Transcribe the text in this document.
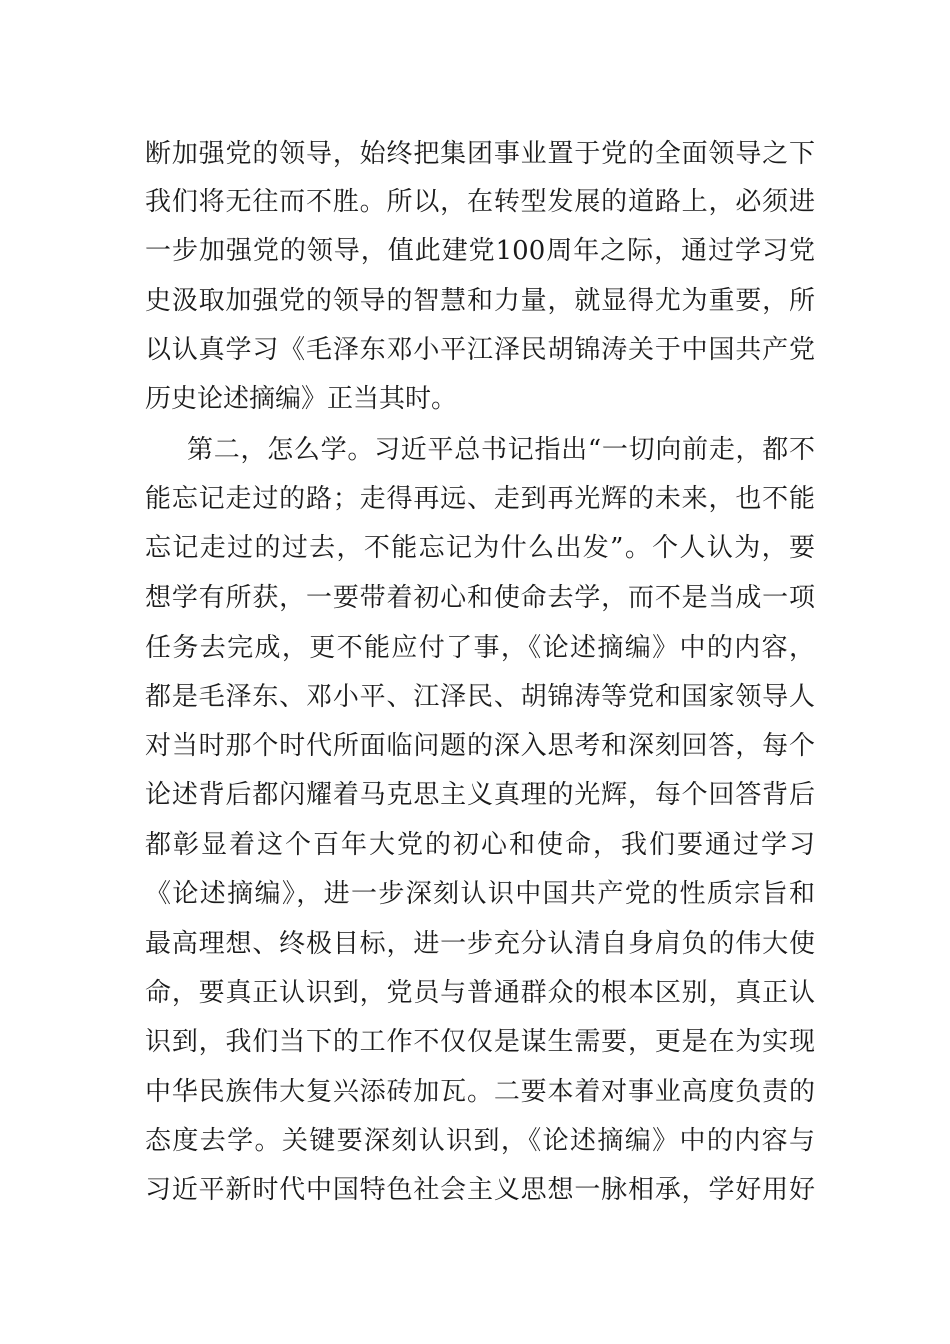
断加强党的领导，始终把集团事业置于党的全面领导之下
我们将无往而不胜。所以，在转型发展的道路上，必须进
一步加强党的领导，值此建党100周年之际，通过学习党
史汲取加强党的领导的智慧和力量，就显得尤为重要，所
以认真学习《毛泽东邓小平江泽民胡锦涛关于中国共产党
历史论述摘编》正当其时。
第二，怎么学。习近平总书记指出“一切向前走，都不
能忘记走过的路；走得再远、走到再光辉的未来，也不能
忘记走过的过去，不能忘记为什么出发”。个人认为，要
想学有所获，一要带着初心和使命去学，而不是当成一项
任务去完成，更不能应付了事，《论述摘编》中的内容，
都是毛泽东、邓小平、江泽民、胡锦涛等党和国家领导人
对当时那个时代所面临问题的深入思考和深刻回答，每个
论述背后都闪耀着马克思主义真理的光辉，每个回答背后
都彰显着这个百年大党的初心和使命，我们要通过学习
《论述摘编》，进一步深刻认识中国共产党的性质宗旨和
最高理想、终极目标，进一步充分认清自身肩负的伟大使
命，要真正认识到，党员与普通群众的根本区别，真正认
识到，我们当下的工作不仅仅是谋生需要，更是在为实现
中华民族伟大复兴添砖加瓦。二要本着对事业高度负责的
态度去学。关键要深刻认识到，《论述摘编》中的内容与
习近平新时代中国特色社会主义思想一脉相承，学好用好
